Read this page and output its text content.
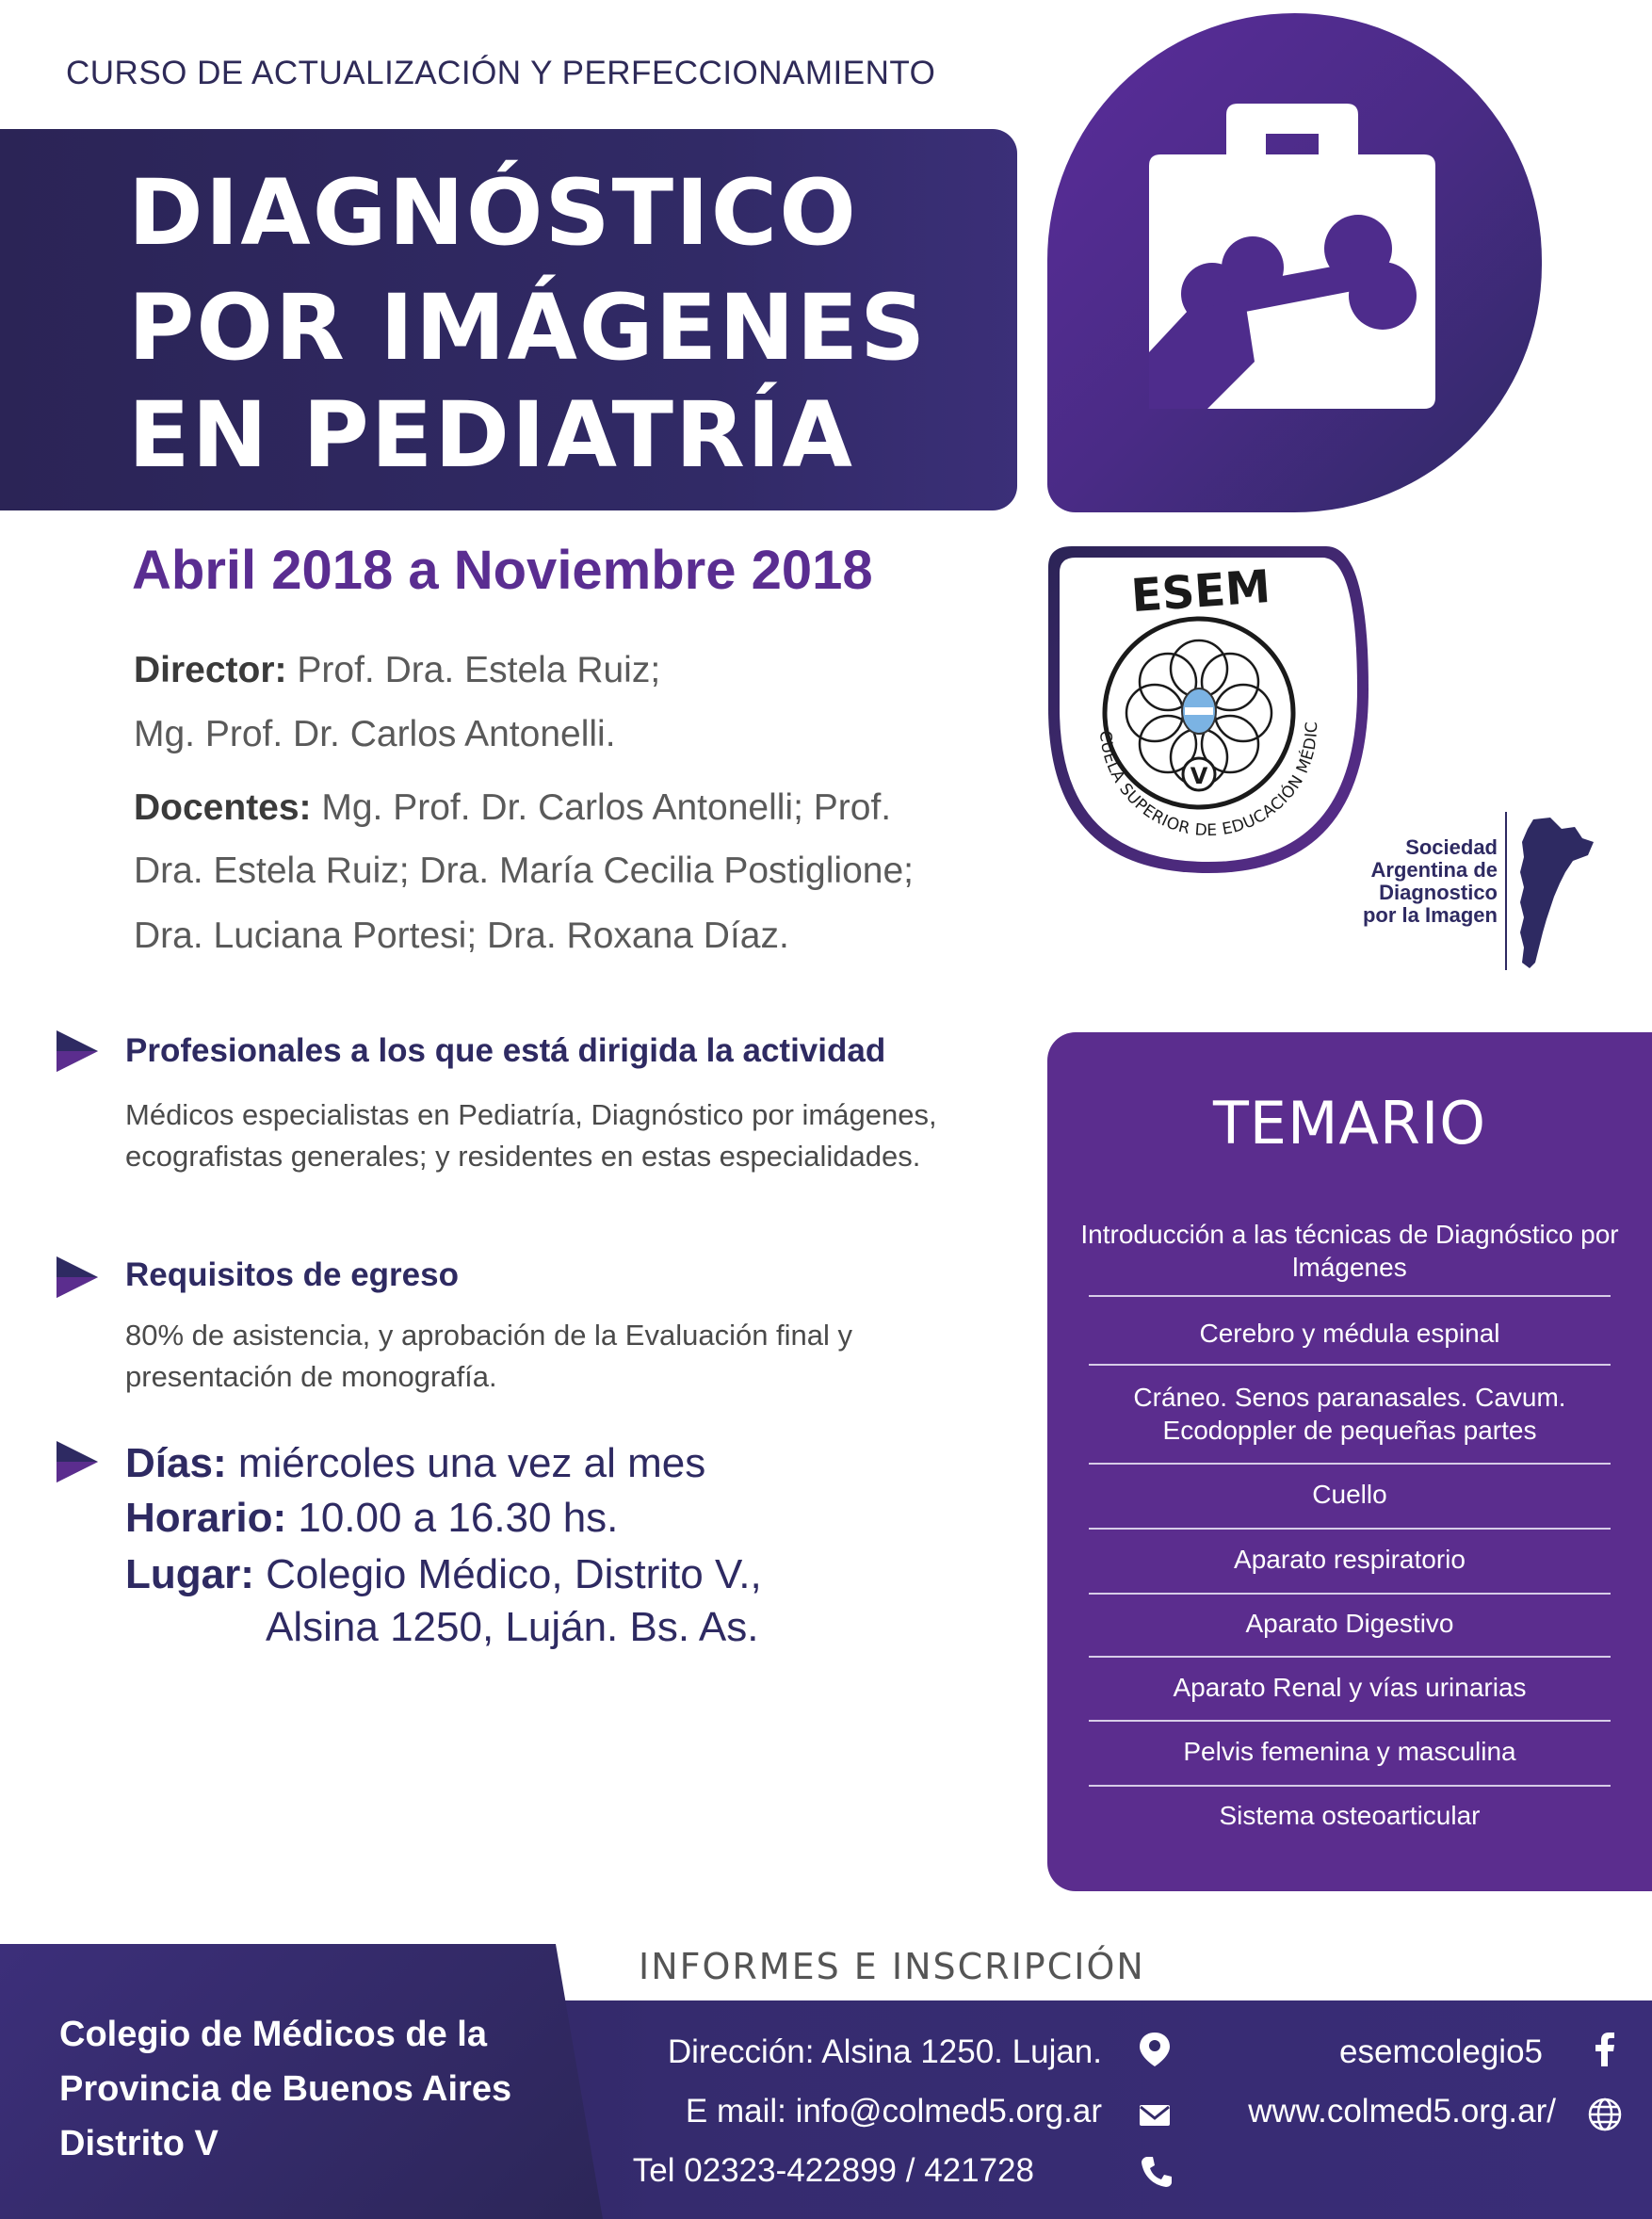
CURSO DE ACTUALIZACIÓN Y PERFECCIONAMIENTO
DIAGNÓSTICO
POR IMÁGENES
EN PEDIATRÍA
Abril 2018 a Noviembre 2018
Director: Prof. Dra. Estela Ruiz;
Mg. Prof. Dr. Carlos Antonelli.
Docentes: Mg. Prof. Dr. Carlos Antonelli; Prof.
Dra. Estela Ruiz; Dra. María Cecilia Postiglione;
Dra. Luciana Portesi; Dra. Roxana Díaz.
ESEM
V
CUELA SUPERIOR DE EDUCACIÓN MÉDIC
Sociedad
Argentina de
Diagnostico
por la Imagen
Profesionales a los que está dirigida la actividad
Médicos especialistas en Pediatría, Diagnóstico por imágenes, ecografistas generales; y residentes en estas especialidades.
Requisitos de egreso
80% de asistencia, y aprobación de la Evaluación final y presentación de monografía.
Días: miércoles una vez al mes
Horario: 10.00 a 16.30 hs.
Lugar: Colegio Médico, Distrito V.,
Alsina 1250, Luján. Bs. As.
TEMARIO
Introducción a las técnicas de Diagnóstico por lmágenes
Cerebro y médula espinal
Cráneo. Senos paranasales. Cavum. Ecodoppler de pequeñas partes
Cuello
Aparato respiratorio
Aparato Digestivo
Aparato Renal y vías urinarias
Pelvis femenina y masculina
Sistema osteoarticular
INFORMES E INSCRIPCIÓN
Colegio de Médicos de la
Provincia de Buenos Aires
Distrito V
Dirección: Alsina 1250. Lujan.
E mail: info@colmed5.org.ar
Tel 02323-422899 / 421728
esemcolegio5
www.colmed5.org.ar/
